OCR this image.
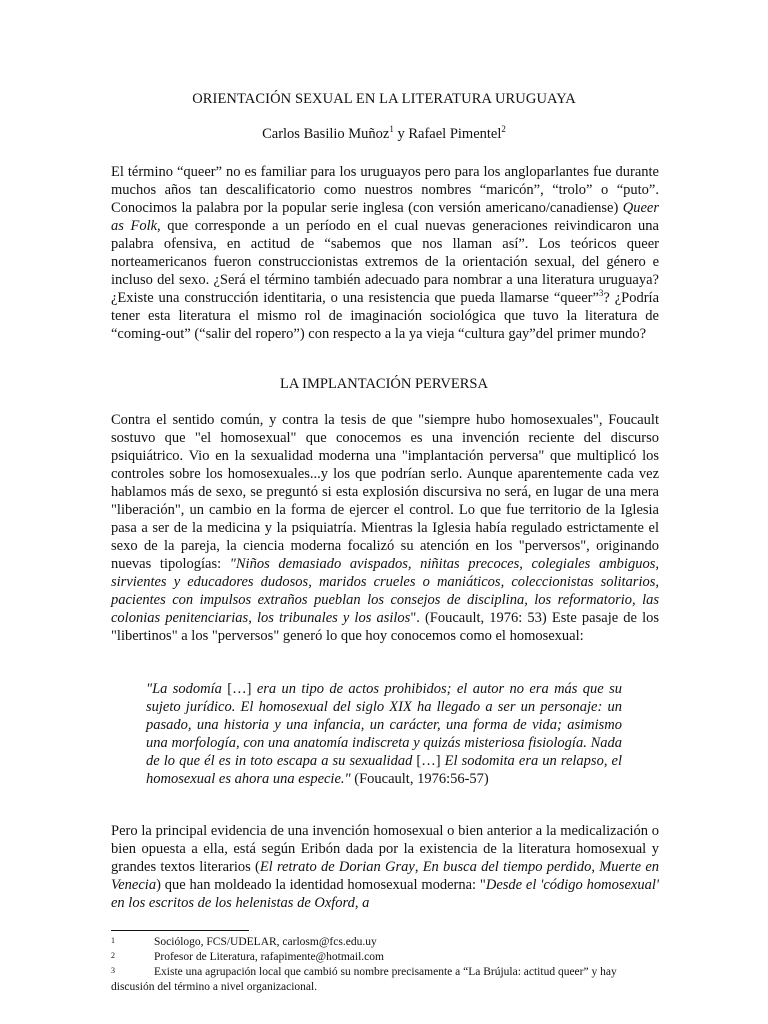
ORIENTACIÓN SEXUAL EN LA LITERATURA URUGUAYA
Carlos Basilio Muñoz$^1$ y Rafael Pimentel$^2$

El término “queer” no es familiar para los uruguayos pero para los angloparlantes fue durante muchos años tan descalificatorio como nuestros nombres “maricón”, “trolo” o “puto”. Conocimos la palabra por la popular serie inglesa (con versión americano/canadiense) Queer as Folk, que corresponde a un período en el cual nuevas generaciones reivindicaron una palabra ofensiva, en actitud de “sabemos que nos llaman así”. Los teóricos queer norteamericanos fueron construccionistas extremos de la orientación sexual, del género e incluso del sexo. ¿Será el término también adecuado para nombrar a una literatura uruguaya? ¿Existe una construcción identitaria, o una resistencia que pueda llamarse “queer”$^3$? ¿Podría tener esta literatura el mismo rol de imaginación sociológica que tuvo la literatura de “coming-out” (“salir del ropero”) con respecto a la ya vieja “cultura gay”del primer mundo?

LA IMPLANTACIÓN PERVERSA

Contra el sentido común, y contra la tesis de que "siempre hubo homosexuales", Foucault sostuvo que "el homosexual" que conocemos es una invención reciente del discurso psiquiátrico. Vio en la sexualidad moderna una "implantación perversa" que multiplicó los controles sobre los homosexuales...y los que podrían serlo. Aunque aparentemente cada vez hablamos más de sexo, se preguntó si esta explosión discursiva no será, en lugar de una mera "liberación", un cambio en la forma de ejercer el control. Lo que fue territorio de la Iglesia pasa a ser de la medicina y la psiquiatría. Mientras la Iglesia había regulado estrictamente el sexo de la pareja, la ciencia moderna focalizó su atención en los "perversos", originando nuevas tipologías: "Niños demasiado avispados, niñitas precoces, colegiales ambiguos, sirvientes y educadores dudosos, maridos crueles o maniáticos, coleccionistas solitarios, pacientes con impulsos extraños pueblan los consejos de disciplina, los reformatorio, las colonias penitenciarias, los tribunales y los asilos". (Foucault, 1976: 53) Este pasaje de los "libertinos" a los "perversos" generó lo que hoy conocemos como el homosexual:

"La sodomía […] era un tipo de actos prohibidos; el autor no era más que su sujeto jurídico. El homosexual del siglo XIX ha llegado a ser un personaje: un pasado, una historia y una infancia, un carácter, una forma de vida; asimismo una morfología, con una anatomía indiscreta y quizás misteriosa fisiología. Nada de lo que él es in toto escapa a su sexualidad […] El sodomita era un relapso, el homosexual es ahora una especie." (Foucault, 1976:56-57)

Pero la principal evidencia de una invención homosexual o bien anterior a la medicalización o bien opuesta a ella, está según Eribón dada por la existencia de la literatura homosexual y grandes textos literarios (El retrato de Dorian Gray, En busca del tiempo perdido, Muerte en Venecia) que han moldeado la identidad homosexual moderna: "Desde el 'código homosexual' en los escritos de los helenistas de Oxford, a

1	Sociólogo, FCS/UDELAR, carlosm@fcs.edu.uy
2	Profesor de Literatura, rafapimente@hotmail.com
3	Existe una agrupación local que cambió su nombre precisamente a “La Brújula: actitud queer” y hay discusión del término a nivel organizacional.
